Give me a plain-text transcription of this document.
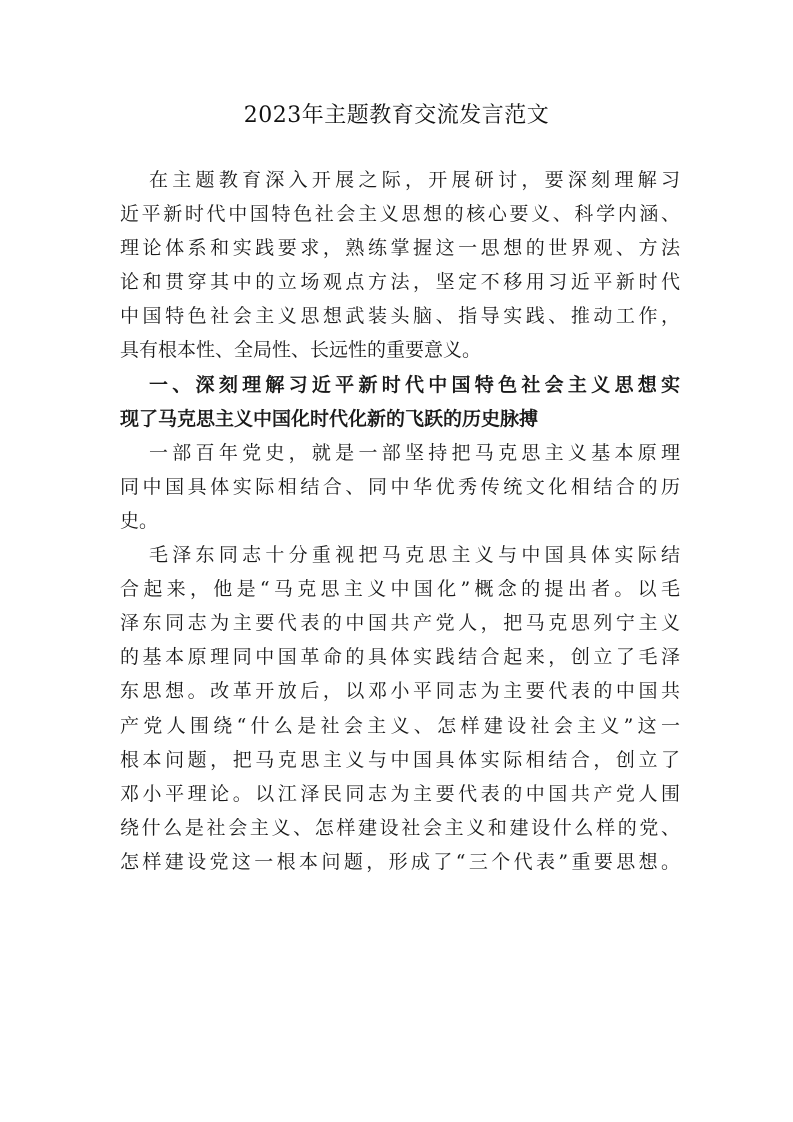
2023年主题教育交流发言范文
在主题教育深入开展之际，开展研讨，要深刻理解习
近平新时代中国特色社会主义思想的核心要义、科学内涵、
理论体系和实践要求，熟练掌握这一思想的世界观、方法
论和贯穿其中的立场观点方法，坚定不移用习近平新时代
中国特色社会主义思想武装头脑、指导实践、推动工作，
具有根本性、全局性、长远性的重要意义。
一、深刻理解习近平新时代中国特色社会主义思想实
现了马克思主义中国化时代化新的飞跃的历史脉搏
一部百年党史，就是一部坚持把马克思主义基本原理
同中国具体实际相结合、同中华优秀传统文化相结合的历
史。
毛泽东同志十分重视把马克思主义与中国具体实际结
合起来，他是“马克思主义中国化”概念的提出者。以毛
泽东同志为主要代表的中国共产党人，把马克思列宁主义
的基本原理同中国革命的具体实践结合起来，创立了毛泽
东思想。改革开放后，以邓小平同志为主要代表的中国共
产党人围绕“什么是社会主义、怎样建设社会主义”这一
根本问题，把马克思主义与中国具体实际相结合，创立了
邓小平理论。以江泽民同志为主要代表的中国共产党人围
绕什么是社会主义、怎样建设社会主义和建设什么样的党、
怎样建设党这一根本问题，形成了“三个代表”重要思想。
